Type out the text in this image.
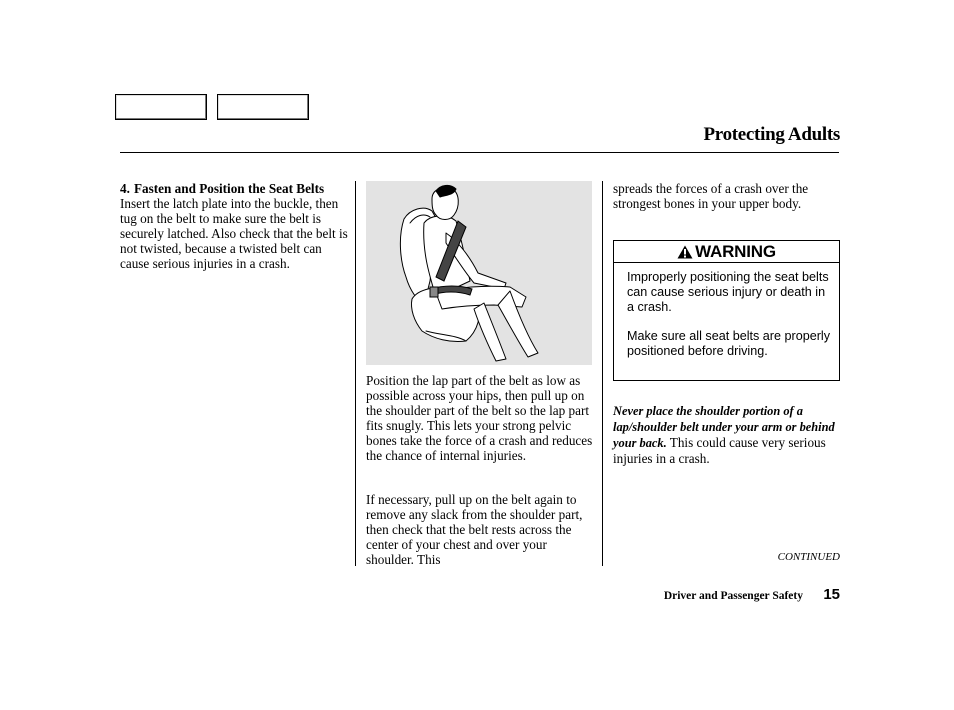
Protecting Adults
4. Fasten and Position the Seat Belts

Insert the latch plate into the buckle, then tug on the belt to make sure the belt is securely latched. Also check that the belt is not twisted, because a twisted belt can cause serious injuries in a crash.

Position the lap part of the belt as low as possible across your hips, then pull up on the shoulder part of the belt so the lap part fits snugly. This lets your strong pelvic bones take the force of a crash and reduces the chance of internal injuries.

If necessary, pull up on the belt again to remove any slack from the shoulder part, then check that the belt rests across the center of your chest and over your shoulder. This

spreads the forces of a crash over the strongest bones in your upper body.

WARNING

Improperly positioning the seat belts can cause serious injury or death in a crash.

Make sure all seat belts are properly positioned before driving.

Never place the shoulder portion of a lap/shoulder belt under your arm or behind your back. This could cause very serious injuries in a crash.

CONTINUED
Driver and Passenger Safety 15
